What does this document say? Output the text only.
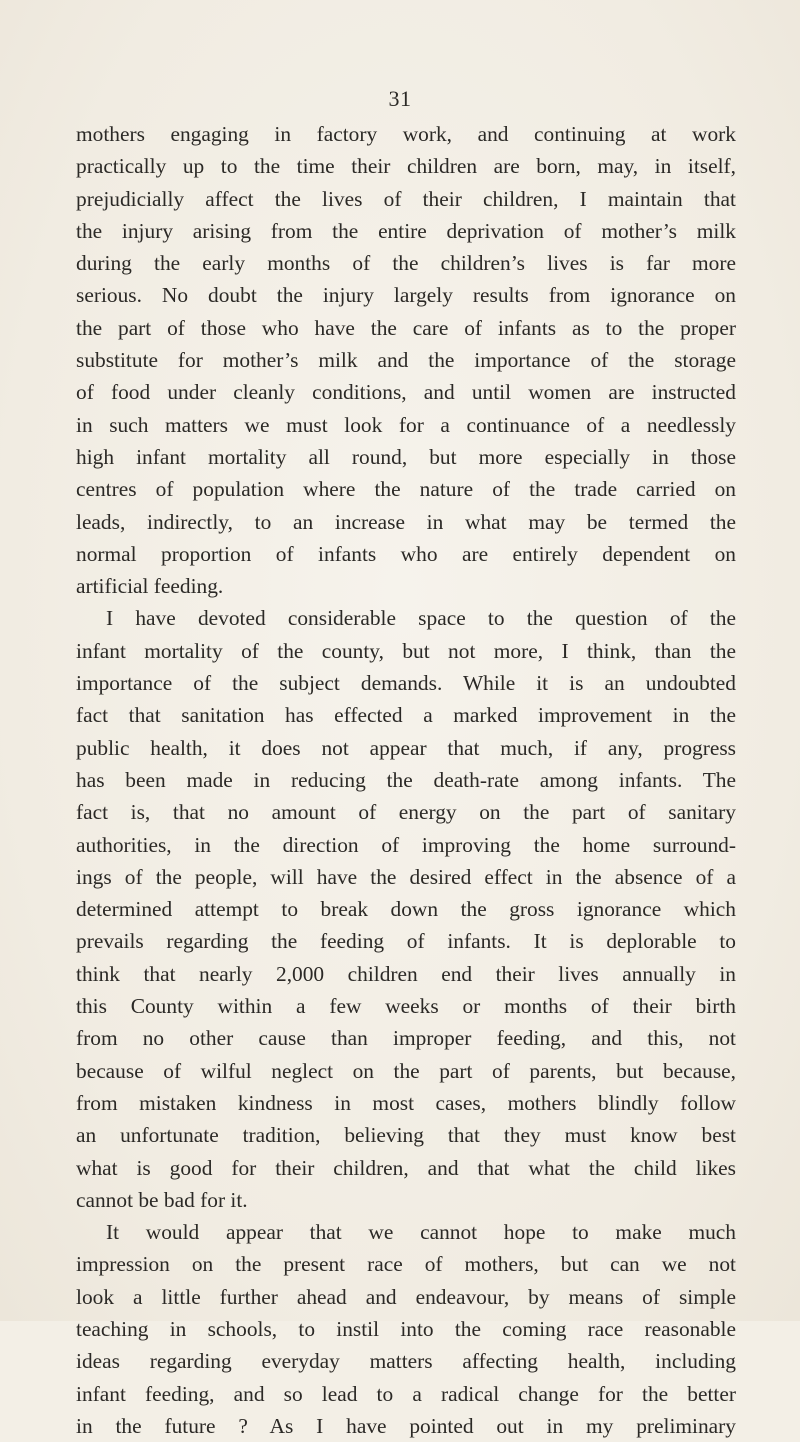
31
mothers engaging in factory work, and continuing at work
practically up to the time their children are born, may, in itself,
prejudicially affect the lives of their children, I maintain that
the injury arising from the entire deprivation of mother’s milk
during the early months of the children’s lives is far more
serious. No doubt the injury largely results from ignorance on
the part of those who have the care of infants as to the proper
substitute for mother’s milk and the importance of the storage
of food under cleanly conditions, and until women are instructed
in such matters we must look for a continuance of a needlessly
high infant mortality all round, but more especially in those
centres of population where the nature of the trade carried on
leads, indirectly, to an increase in what may be termed the
normal proportion of infants who are entirely dependent on
artificial feeding.
I have devoted considerable space to the question of the
infant mortality of the county, but not more, I think, than the
importance of the subject demands. While it is an undoubted
fact that sanitation has effected a marked improvement in the
public health, it does not appear that much, if any, progress
has been made in reducing the death-rate among infants. The
fact is, that no amount of energy on the part of sanitary
authorities, in the direction of improving the home surround-
ings of the people, will have the desired effect in the absence of a
determined attempt to break down the gross ignorance which
prevails regarding the feeding of infants. It is deplorable to
think that nearly 2,000 children end their lives annually in
this County within a few weeks or months of their birth
from no other cause than improper feeding, and this, not
because of wilful neglect on the part of parents, but because,
from mistaken kindness in most cases, mothers blindly follow
an unfortunate tradition, believing that they must know best
what is good for their children, and that what the child likes
cannot be bad for it.
It would appear that we cannot hope to make much
impression on the present race of mothers, but can we not
look a little further ahead and endeavour, by means of simple
teaching in schools, to instil into the coming race reasonable
ideas regarding everyday matters affecting health, including
infant feeding, and so lead to a radical change for the better
in the future ? As I have pointed out in my preliminary
